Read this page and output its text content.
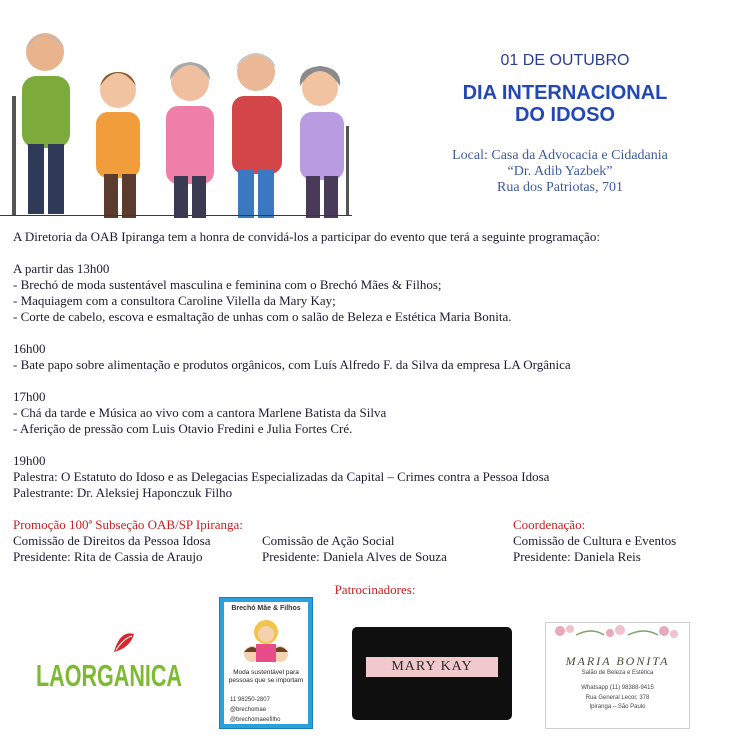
01 DE OUTUBRO
DIA INTERNACIONAL
DO IDOSO
Local: Casa da Advocacia e Cidadania
“Dr. Adib Yazbek”
Rua dos Patriotas, 701
A Diretoria da OAB Ipiranga tem a honra de convidá-los a participar do evento que terá a seguinte programação:
A partir das 13h00
- Brechó de moda sustentável masculina e feminina com o Brechó Mães & Filhos;
- Maquiagem com a consultora Caroline Vilella da Mary Kay;
- Corte de cabelo, escova e esmaltação de unhas com o salão de Beleza e Estética Maria Bonita.
16h00
- Bate papo sobre alimentação e produtos orgânicos, com Luís Alfredo F. da Silva da empresa LA Orgânica
17h00
- Chá da tarde e Música ao vivo com a cantora Marlene Batista da Silva
- Aferição de pressão com Luis Otavio Fredini e Julia Fortes Cré.
19h00
Palestra: O Estatuto do Idoso e as Delegacias Especializadas da Capital – Crimes contra a Pessoa Idosa
Palestrante: Dr. Aleksiej Haponczuk Filho
Promoção 100ª Subseção OAB/SP Ipiranga:
Comissão de Direitos da Pessoa Idosa
Presidente: Rita de Cassia de Araujo
Comissão de Ação Social
Presidente: Daniela Alves de Souza
Coordenação:
Comissão de Cultura e Eventos
Presidente: Daniela Reis
Patrocinadores:
LAORGANICA
Brechó Mãe & Filhos
Moda sustentável para pessoas que se importam
11 98250-2807
@brechomae
@brechomaeefilho
MARY KAY	MARIA BONITA
Salão de Beleza e Estética
Whatsapp (11) 98388-9415
Rua General Lecor, 378
Ipiranga – São Paulo
